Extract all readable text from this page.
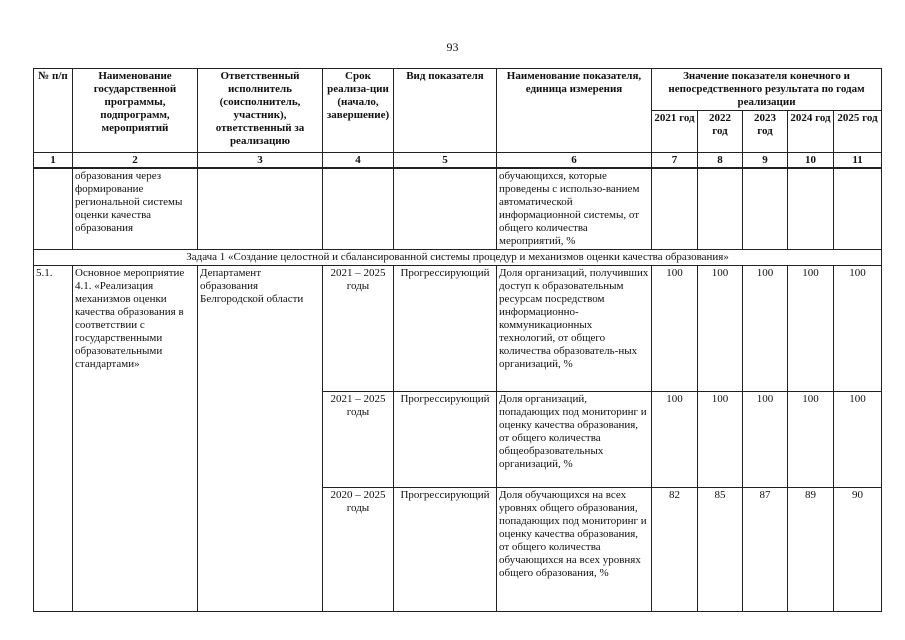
93
№ п/п	Наименование государственной программы, подпрограмм, мероприятий	Ответственный исполнитель (соисполнитель, участник), ответственный за реализацию	Срок реализа-ции (начало, завершение)	Вид показателя	Наименование показателя, единица измерения	Значение показателя конечного и непосредственного результата по годам реализации				
						2021 год	2022 год	2023 год	2024 год	2025 год
1	2	3	4	5	6	7	8	9	10	11
	образования через формирование региональной системы оценки качества образования				обучающихся, которые проведены с использо-ванием автоматической информационной системы, от общего количества мероприятий, %					
Задача 1 «Создание целостной и сбалансированной системы процедур и механизмов оценки качества образования»										
5.1.	Основное мероприятие 4.1. «Реализация механизмов оценки качества образования в соответствии с государственными образовательными стандартами»	Департамент образования Белгородской области	2021 – 2025 годы	Прогрессирующий	Доля организаций, получивших доступ к образовательным ресурсам посредством информационно-коммуникационных технологий, от общего количества образователь-ных организаций, %	100	100	100	100	100
			2021 – 2025 годы	Прогрессирующий	Доля организаций, попадающих под мониторинг и оценку качества образования, от общего количества общеобразовательных организаций, %	100	100	100	100	100
			2020 – 2025 годы	Прогрессирующий	Доля обучающихся на всех уровнях общего образования, попадающих под мониторинг и оценку качества образования, от общего количества обучающихся на всех уровнях общего образования, %	82	85	87	89	90
